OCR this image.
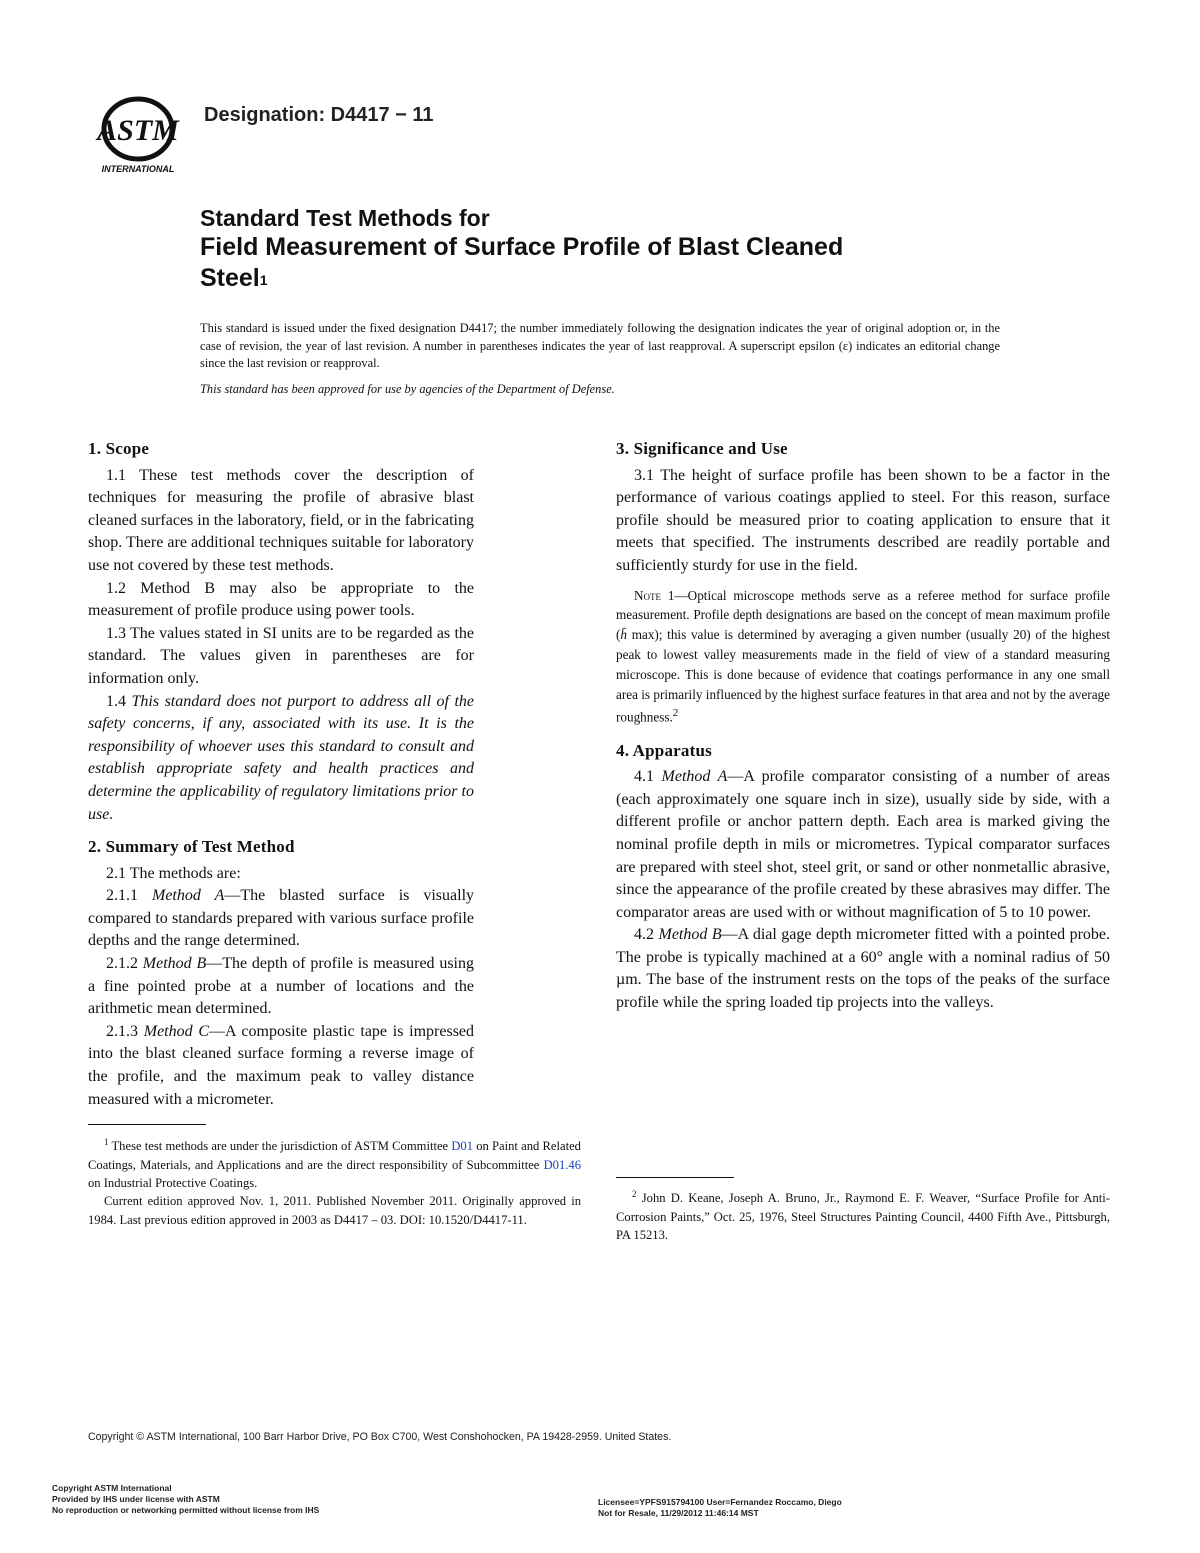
ASTM
INTERNATIONAL
Designation: D4417 − 11
Standard Test Methods for
Field Measurement of Surface Profile of Blast Cleaned
Steel$^1$
This standard is issued under the fixed designation D4417; the number immediately following the designation indicates the year of original adoption or, in the case of revision, the year of last revision. A number in parentheses indicates the year of last reapproval. A superscript epsilon (ε) indicates an editorial change since the last revision or reapproval.
This standard has been approved for use by agencies of the Department of Defense.
1. Scope

1.1 These test methods cover the description of techniques for measuring the profile of abrasive blast cleaned surfaces in the laboratory, field, or in the fabricating shop. There are additional techniques suitable for laboratory use not covered by these test methods.

1.2 Method B may also be appropriate to the measurement of profile produce using power tools.

1.3 The values stated in SI units are to be regarded as the standard. The values given in parentheses are for information only.

1.4 This standard does not purport to address all of the safety concerns, if any, associated with its use. It is the responsibility of whoever uses this standard to consult and establish appropriate safety and health practices and determine the applicability of regulatory limitations prior to use.

2. Summary of Test Method

2.1 The methods are:

2.1.1 Method A—The blasted surface is visually compared to standards prepared with various surface profile depths and the range determined.

2.1.2 Method B—The depth of profile is measured using a fine pointed probe at a number of locations and the arithmetic mean determined.

2.1.3 Method C—A composite plastic tape is impressed into the blast cleaned surface forming a reverse image of the profile, and the maximum peak to valley distance measured with a micrometer.

3. Significance and Use

3.1 The height of surface profile has been shown to be a factor in the performance of various coatings applied to steel. For this reason, surface profile should be measured prior to coating application to ensure that it meets that specified. The instruments described are readily portable and sufficiently sturdy for use in the field.

Note 1—Optical microscope methods serve as a referee method for surface profile measurement. Profile depth designations are based on the concept of mean maximum profile (h̄ max); this value is determined by averaging a given number (usually 20) of the highest peak to lowest valley measurements made in the field of view of a standard measuring microscope. This is done because of evidence that coatings performance in any one small area is primarily influenced by the highest surface features in that area and not by the average roughness.$^2$

4. Apparatus

4.1 Method A—A profile comparator consisting of a number of areas (each approximately one square inch in size), usually side by side, with a different profile or anchor pattern depth. Each area is marked giving the nominal profile depth in mils or micrometres. Typical comparator surfaces are prepared with steel shot, steel grit, or sand or other nonmetallic abrasive, since the appearance of the profile created by these abrasives may differ. The comparator areas are used with or without magnification of 5 to 10 power.

4.2 Method B—A dial gage depth micrometer fitted with a pointed probe. The probe is typically machined at a 60° angle with a nominal radius of 50 µm. The base of the instrument rests on the tops of the peaks of the surface profile while the spring loaded tip projects into the valleys.

$^1$ These test methods are under the jurisdiction of ASTM Committee D01 on Paint and Related Coatings, Materials, and Applications and are the direct responsibility of Subcommittee D01.46 on Industrial Protective Coatings.

Current edition approved Nov. 1, 2011. Published November 2011. Originally approved in 1984. Last previous edition approved in 2003 as D4417 – 03. DOI: 10.1520/D4417-11.

$^2$ John D. Keane, Joseph A. Bruno, Jr., Raymond E. F. Weaver, “Surface Profile for Anti-Corrosion Paints,” Oct. 25, 1976, Steel Structures Painting Council, 4400 Fifth Ave., Pittsburgh, PA 15213.

Copyright © ASTM International, 100 Barr Harbor Drive, PO Box C700, West Conshohocken, PA 19428-2959. United States.
Copyright ASTM International
Provided by IHS under license with ASTM
No reproduction or networking permitted without license from IHS
Licensee=YPFS915794100 User=Fernandez Roccamo, Diego
Not for Resale, 11/29/2012 11:46:14 MST
